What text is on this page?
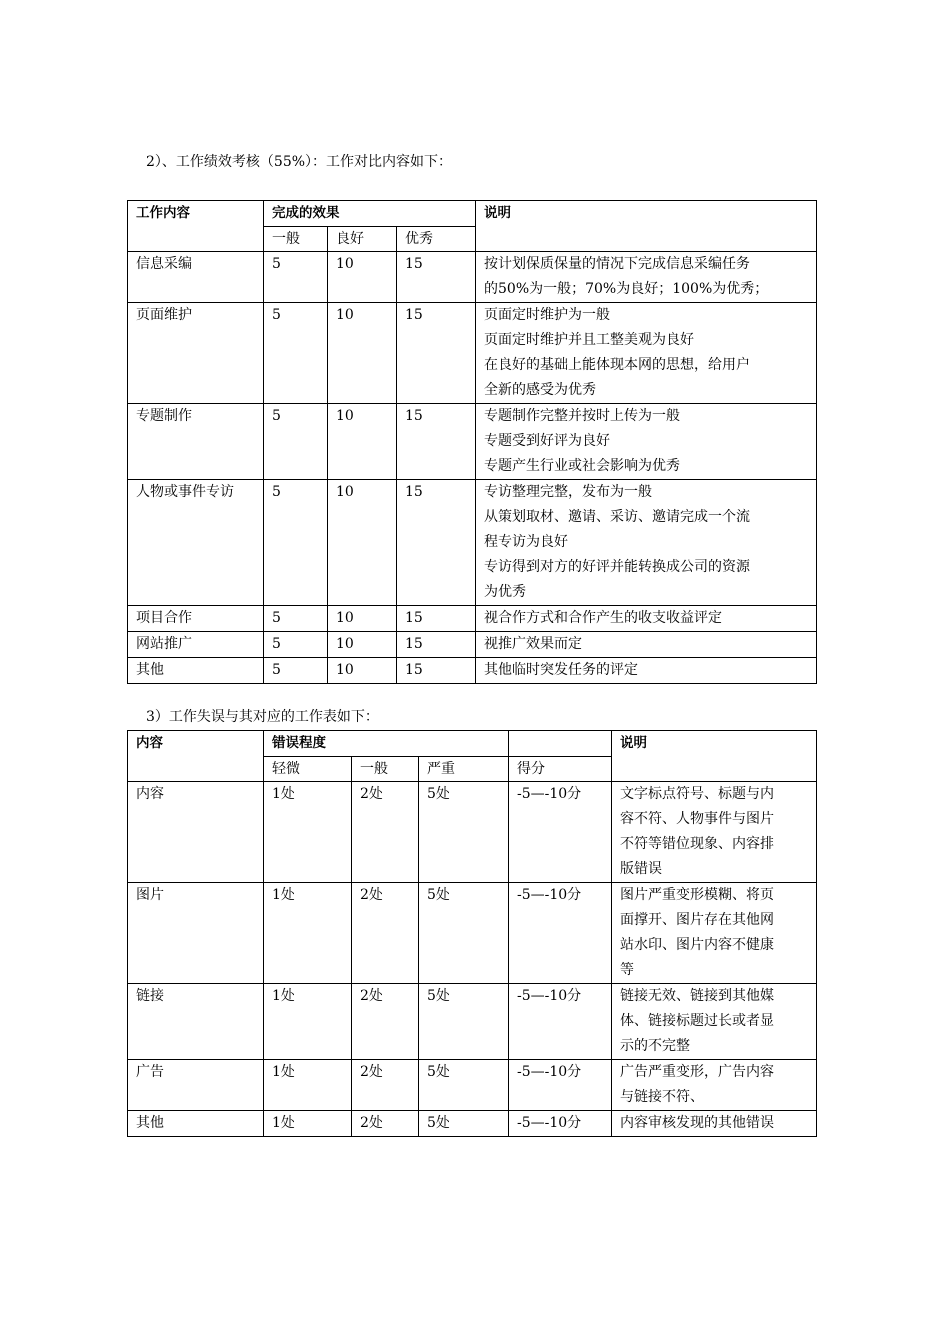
2）、工作绩效考核（55%）：工作对比内容如下：
工作内容	完成的效果			说明
	一般	良好	优秀	
信息采编	5	10	15	按计划保质保量的情况下完成信息采编任务
的50%为一般；70%为良好；100%为优秀；

页面维护	5	10	15	页面定时维护为一般
页面定时维护并且工整美观为良好
在良好的基础上能体现本网的思想，给用户
全新的感受为优秀

专题制作	5	10	15	专题制作完整并按时上传为一般
专题受到好评为良好
专题产生行业或社会影响为优秀

人物或事件专访	5	10	15	专访整理完整，发布为一般
从策划取材、邀请、采访、邀请完成一个流
程专访为良好
专访得到对方的好评并能转换成公司的资源
为优秀

项目合作	5	10	15	视合作方式和合作产生的收支收益评定

网站推广	5	10	15	视推广效果而定

其他	5	10	15	其他临时突发任务的评定
3）工作失误与其对应的工作表如下：
内容	错误程度				说明
	轻微	一般	严重	得分	
内容	1处	2处	5处	-5—-10分	文字标点符号、标题与内
容不符、人物事件与图片
不符等错位现象、内容排
版错误

图片	1处	2处	5处	-5—-10分	图片严重变形模糊、将页
面撑开、图片存在其他网
站水印、图片内容不健康
等

链接	1处	2处	5处	-5—-10分	链接无效、链接到其他媒
体、链接标题过长或者显
示的不完整

广告	1处	2处	5处	-5—-10分	广告严重变形，广告内容
与链接不符、

其他	1处	2处	5处	-5—-10分	内容审核发现的其他错误
